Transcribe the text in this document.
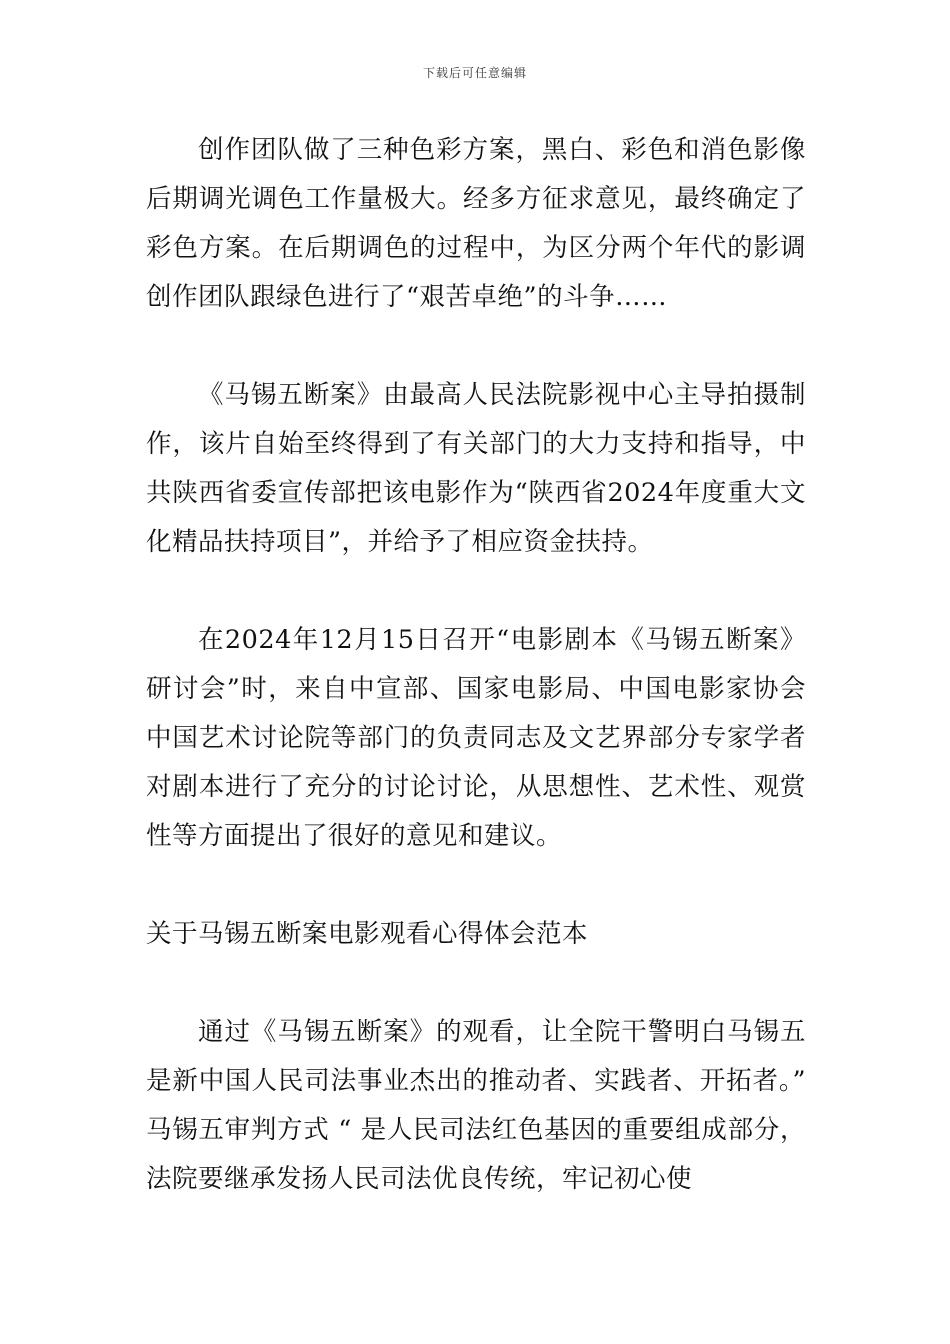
下载后可任意编辑

创作团队做了三种色彩方案，黑白、彩色和消色影像后期调光调色工作量极大。经多方征求意见，最终确定了彩色方案。在后期调色的过程中，为区分两个年代的影调创作团队跟绿色进行了“艰苦卓绝”的斗争……

《马锡五断案》由最高人民法院影视中心主导拍摄制作，该片自始至终得到了有关部门的大力支持和指导，中共陕西省委宣传部把该电影作为“陕西省2024年度重大文化精品扶持项目”，并给予了相应资金扶持。

在2024年12月15日召开“电影剧本《马锡五断案》研讨会”时，来自中宣部、国家电影局、中国电影家协会中国艺术讨论院等部门的负责同志及文艺界部分专家学者对剧本进行了充分的讨论讨论，从思想性、艺术性、观赏性等方面提出了很好的意见和建议。

关于马锡五断案电影观看心得体会范本

通过《马锡五断案》的观看，让全院干警明白马锡五是新中国人民司法事业杰出的推动者、实践者、开拓者。” 马锡五审判方式 “ 是人民司法红色基因的重要组成部分，法院要继承发扬人民司法优良传统，牢记初心使
